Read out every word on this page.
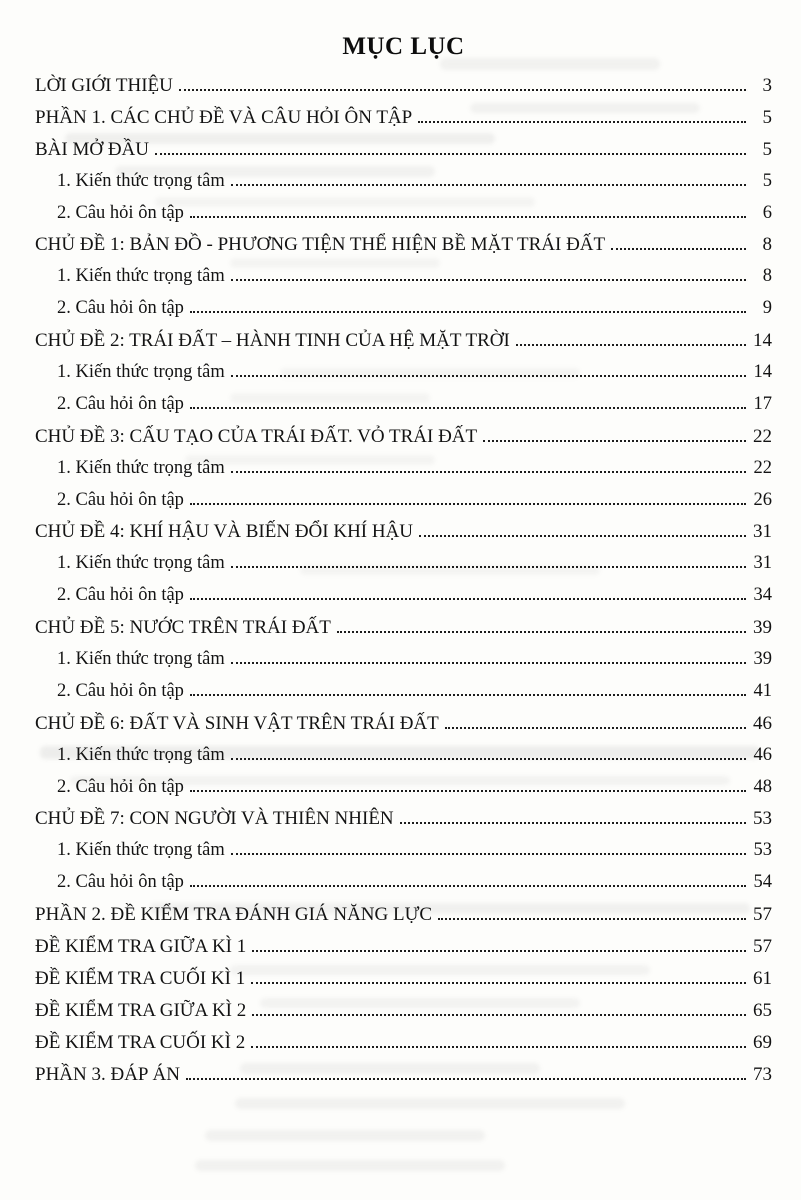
MỤC LỤC
LỜI GIỚI THIỆU	3
PHẦN 1. CÁC CHỦ ĐỀ VÀ CÂU HỎI ÔN TẬP	5
BÀI MỞ ĐẦU	5
1. Kiến thức trọng tâm	5
2. Câu hỏi ôn tập	6
CHỦ ĐỀ 1: BẢN ĐỒ - PHƯƠNG TIỆN THỂ HIỆN BỀ MẶT TRÁI ĐẤT	8
1. Kiến thức trọng tâm	8
2. Câu hỏi ôn tập	9
CHỦ ĐỀ 2: TRÁI ĐẤT – HÀNH TINH CỦA HỆ MẶT TRỜI	14
1. Kiến thức trọng tâm	14
2. Câu hỏi ôn tập	17
CHỦ ĐỀ 3: CẤU TẠO CỦA TRÁI ĐẤT. VỎ TRÁI ĐẤT	22
1. Kiến thức trọng tâm	22
2. Câu hỏi ôn tập	26
CHỦ ĐỀ 4: KHÍ HẬU VÀ BIẾN ĐỔI KHÍ HẬU	31
1. Kiến thức trọng tâm	31
2. Câu hỏi ôn tập	34
CHỦ ĐỀ 5: NƯỚC TRÊN TRÁI ĐẤT	39
1. Kiến thức trọng tâm	39
2. Câu hỏi ôn tập	41
CHỦ ĐỀ 6: ĐẤT VÀ SINH VẬT TRÊN TRÁI ĐẤT	46
1. Kiến thức trọng tâm	46
2. Câu hỏi ôn tập	48
CHỦ ĐỀ 7: CON NGƯỜI VÀ THIÊN NHIÊN	53
1. Kiến thức trọng tâm	53
2. Câu hỏi ôn tập	54
PHẦN 2. ĐỀ KIỂM TRA ĐÁNH GIÁ NĂNG LỰC	57
ĐỀ KIỂM TRA GIỮA KÌ 1	57
ĐỀ KIỂM TRA CUỐI KÌ 1	61
ĐỀ KIỂM TRA GIỮA KÌ 2	65
ĐỀ KIỂM TRA CUỐI KÌ 2	69
PHẦN 3. ĐÁP ÁN	73
